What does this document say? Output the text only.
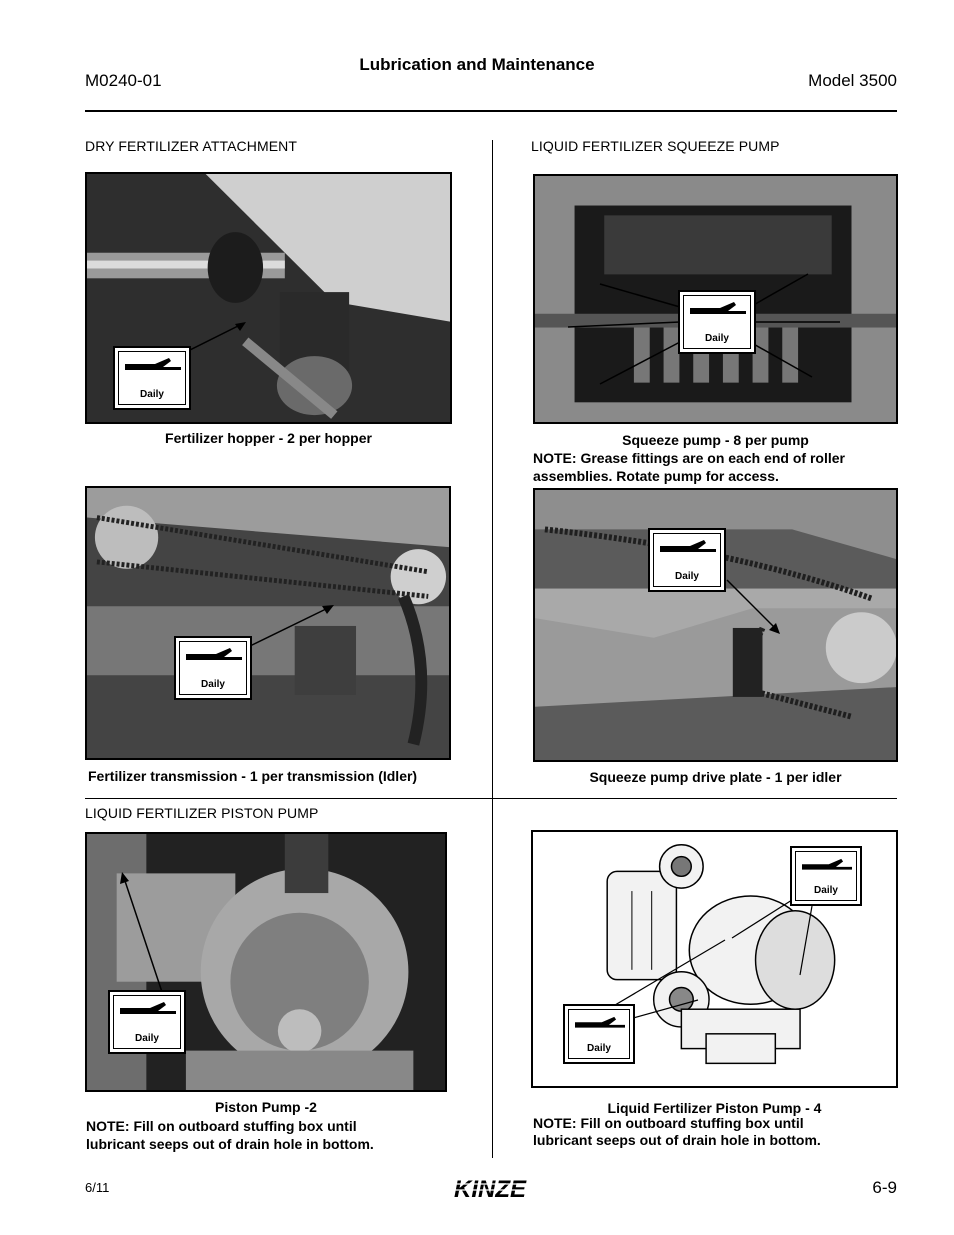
Lubrication and Maintenance
M0240-01	Model 3500
DRY FERTILIZER ATTACHMENT	LIQUID FERTILIZER SQUEEZE PUMP
LIQUID FERTILIZER PISTON PUMP
Daily
Fertilizer hopper - 2 per hopper
Daily
Squeeze pump - 8 per pump
NOTE: Grease fittings are on each end of roller
assemblies. Rotate pump for access.
Daily
Fertilizer transmission - 1 per transmission (Idler)
Daily
Squeeze pump drive plate - 1 per idler
Daily
Piston Pump -2
NOTE: Fill on outboard stuffing box until
lubricant seeps out of drain hole in bottom.
Daily
Daily
Liquid Fertilizer Piston Pump - 4
NOTE: Fill on outboard stuffing box until
lubricant seeps out of drain hole in bottom.
6/11	6-9
KINZE
